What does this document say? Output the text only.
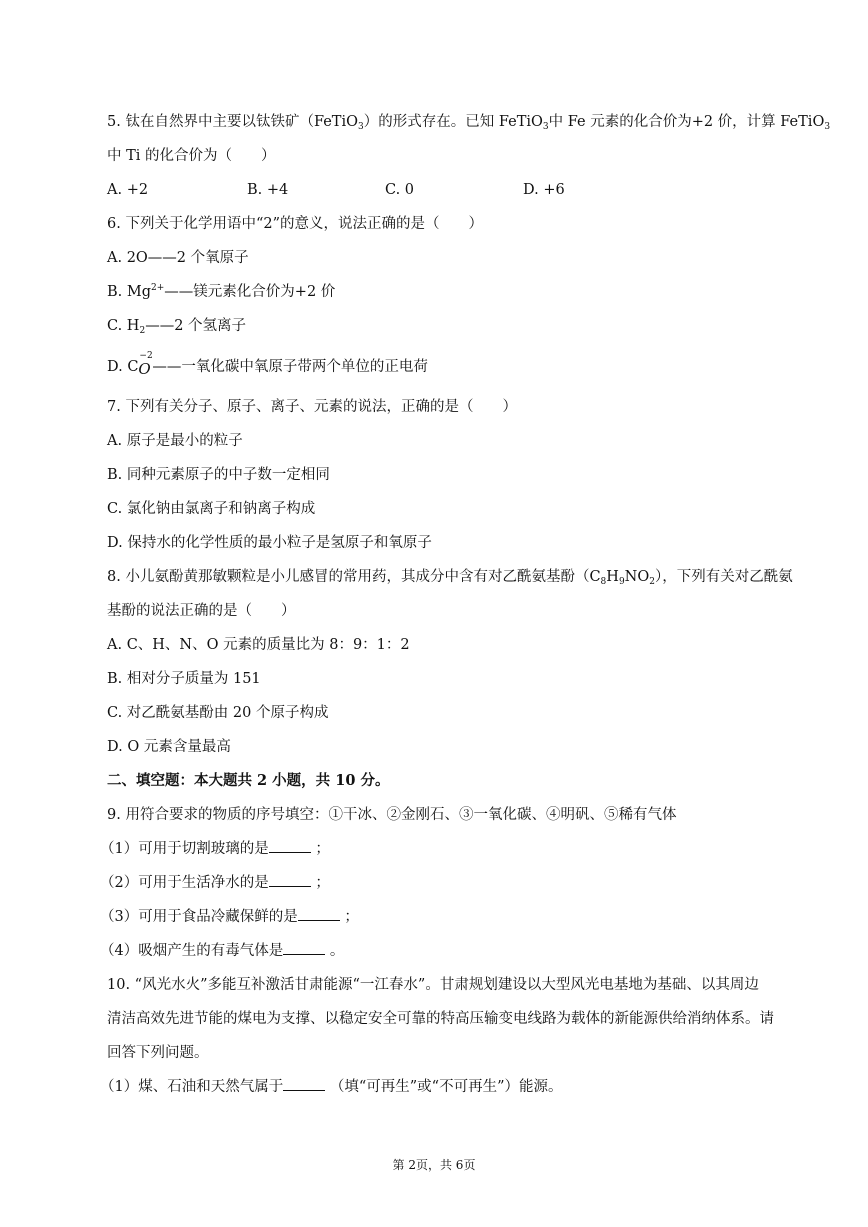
5. 钛在自然界中主要以钛铁矿（FeTiO$_3$）的形式存在。已知 FeTiO$_3$中 Fe 元素的化合价为+2 价，计算 FeTiO$_3$
中 Ti 的化合价为（　　）
A. +2	B. +4	C. 0	D. +6
6. 下列关于化学用语中“2”的意义，说法正确的是（　　）
A. 2O——2 个氧原子
B. $Mg^{2+}——$镁元素化合价为+2 价
C. $H_2——2$ 个氢离子
D. C
−2
O ——一氧化碳中氧原子带两个单位的正电荷
7. 下列有关分子、原子、离子、元素的说法，正确的是（　　）
A. 原子是最小的粒子
B. 同种元素原子的中子数一定相同
C. 氯化钠由氯离子和钠离子构成
D. 保持水的化学性质的最小粒子是氢原子和氧原子
8. 小儿氨酚黄那敏颗粒是小儿感冒的常用药，其成分中含有对乙酰氨基酚$(C_8H_9NO_2)$，下列有关对乙酰氨
基酚的说法正确的是（　　）
A. C、H、N、O 元素的质量比为 8：9：1：2
B. 相对分子质量为 151
C. 对乙酰氨基酚由 20 个原子构成
D. O 元素含量最高
二、填空题：本大题共 2 小题，共 10 分。
9. 用符合要求的物质的序号填空：①干冰、②金刚石、③一氧化碳、④明矾、⑤稀有气体
（1）可用于切割玻璃的是	；
（2）可用于生活净水的是	；
（3）可用于食品冷藏保鲜的是	；
（4）吸烟产生的有毒气体是	。
10. “风光水火”多能互补激活甘肃能源“一江春水”。甘肃规划建设以大型风光电基地为基础、以其周边
清洁高效先进节能的煤电为支撑、以稳定安全可靠的特高压输变电线路为载体的新能源供给消纳体系。请
回答下列问题。
（1）煤、石油和天然气属于	（填“可再生”或“不可再生”）能源。
第 2页，共 6页
